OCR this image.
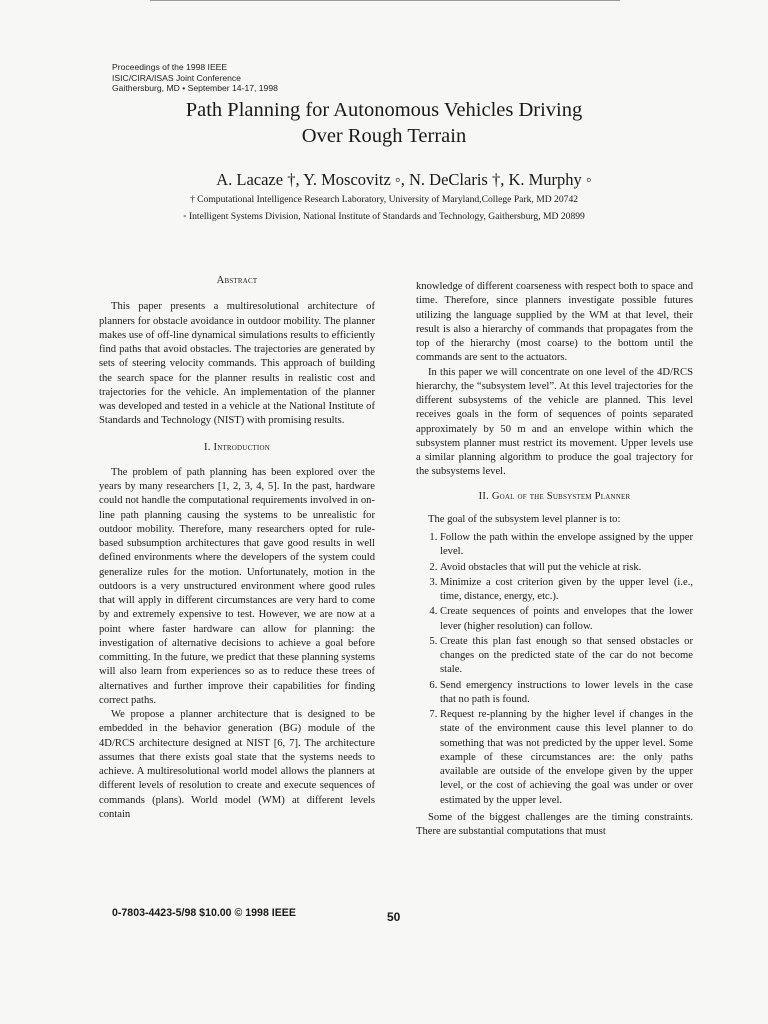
Proceedings of the 1998 IEEE
ISIC/CIRA/ISAS Joint Conference
Gaithersburg, MD • September 14-17, 1998
Path Planning for Autonomous Vehicles Driving
Over Rough Terrain
A. Lacaze †, Y. Moscovitz ◦, N. DeClaris †, K. Murphy ◦
† Computational Intelligence Research Laboratory, University of Maryland,College Park, MD 20742
◦ Intelligent Systems Division, National Institute of Standards and Technology, Gaithersburg, MD 20899
Abstract

This paper presents a multiresolutional architecture of planners for obstacle avoidance in outdoor mobility. The planner makes use of off-line dynamical simulations results to efficiently find paths that avoid obstacles. The trajectories are generated by sets of steering velocity commands. This approach of building the search space for the planner results in realistic cost and trajectories for the vehicle. An implementation of the planner was developed and tested in a vehicle at the National Institute of Standards and Technology (NIST) with promising results.

I. Introduction

The problem of path planning has been explored over the years by many researchers [1, 2, 3, 4, 5]. In the past, hardware could not handle the computational requirements involved in on-line path planning causing the systems to be unrealistic for outdoor mobility. Therefore, many researchers opted for rule-based subsumption architectures that gave good results in well defined environments where the developers of the system could generalize rules for the motion. Unfortunately, motion in the outdoors is a very unstructured environment where good rules that will apply in different circumstances are very hard to come by and extremely expensive to test. However, we are now at a point where faster hardware can allow for planning: the investigation of alternative decisions to achieve a goal before committing. In the future, we predict that these planning systems will also learn from experiences so as to reduce these trees of alternatives and further improve their capabilities for finding correct paths.

We propose a planner architecture that is designed to be embedded in the behavior generation (BG) module of the 4D/RCS architecture designed at NIST [6, 7]. The architecture assumes that there exists goal state that the systems needs to achieve. A multiresolutional world model allows the planners at different levels of resolution to create and execute sequences of commands (plans). World model (WM) at different levels contain

knowledge of different coarseness with respect both to space and time. Therefore, since planners investigate possible futures utilizing the language supplied by the WM at that level, their result is also a hierarchy of commands that propagates from the top of the hierarchy (most coarse) to the bottom until the commands are sent to the actuators.

In this paper we will concentrate on one level of the 4D/RCS hierarchy, the “subsystem level”. At this level trajectories for the different subsystems of the vehicle are planned. This level receives goals in the form of sequences of points separated approximately by 50 m and an envelope within which the subsystem planner must restrict its movement. Upper levels use a similar planning algorithm to produce the goal trajectory for the subsystems level.

II. Goal of the Subsystem Planner

The goal of the subsystem level planner is to:

1. Follow the path within the envelope assigned by the upper level.
2. Avoid obstacles that will put the vehicle at risk.
3. Minimize a cost criterion given by the upper level (i.e., time, distance, energy, etc.).
4. Create sequences of points and envelopes that the lower lever (higher resolution) can follow.
5. Create this plan fast enough so that sensed obstacles or changes on the predicted state of the car do not become stale.
6. Send emergency instructions to lower levels in the case that no path is found.
7. Request re-planning by the higher level if changes in the state of the environment cause this level planner to do something that was not predicted by the upper level. Some example of these circumstances are: the only paths available are outside of the envelope given by the upper level, or the cost of achieving the goal was under or over estimated by the upper level.

Some of the biggest challenges are the timing constraints. There are substantial computations that must

0-7803-4423-5/98 $10.00 © 1998 IEEE	50
